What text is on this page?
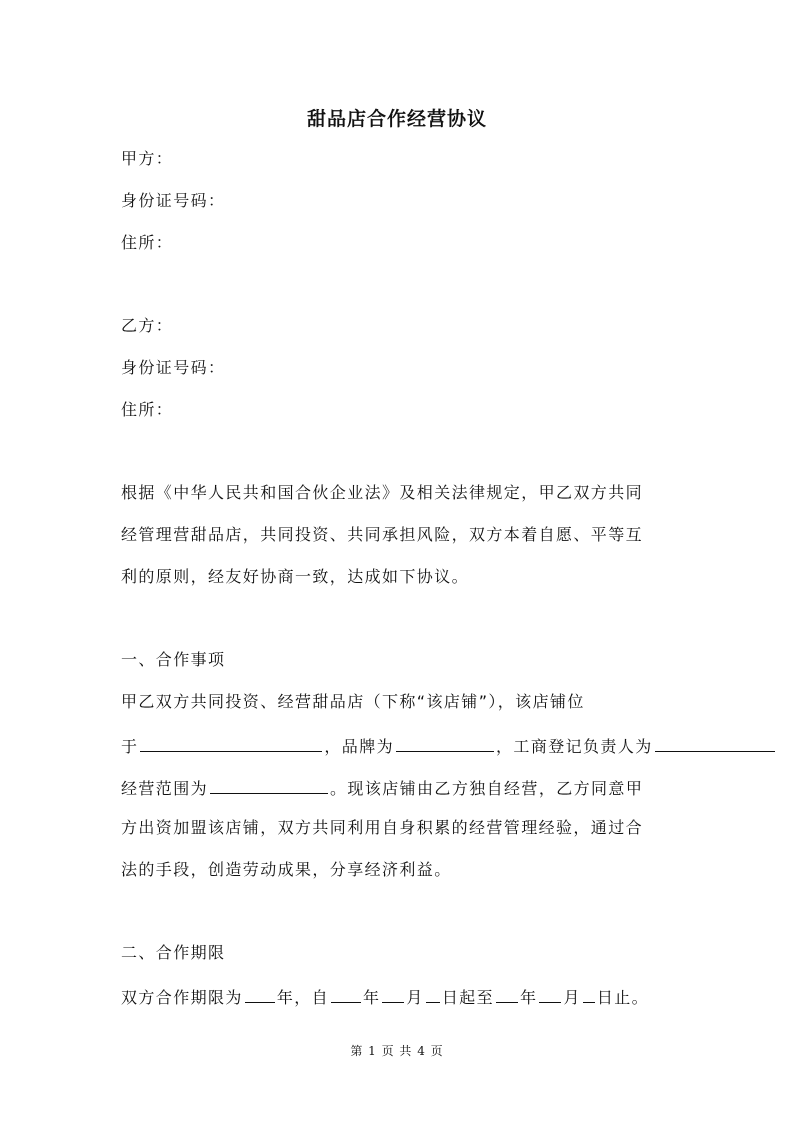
甜品店合作经营协议
甲方：
身份证号码：
住所：
乙方：
身份证号码：
住所：
根据《中华人民共和国合伙企业法》及相关法律规定，甲乙双方共同
经管理营甜品店，共同投资、共同承担风险，双方本着自愿、平等互
利的原则，经友好协商一致，达成如下协议。
一、合作事项
甲乙双方共同投资、经营甜品店（下称“该店铺”），该店铺位
于	，品牌为	，工商登记负责人为
经营范围为	。现该店铺由乙方独自经营，乙方同意甲
方出资加盟该店铺，双方共同利用自身积累的经营管理经验，通过合
法的手段，创造劳动成果，分享经济利益。
二、合作期限
双方合作期限为 年，自 年 月 日起至 年 月 日止。
第 1 页 共 4 页
